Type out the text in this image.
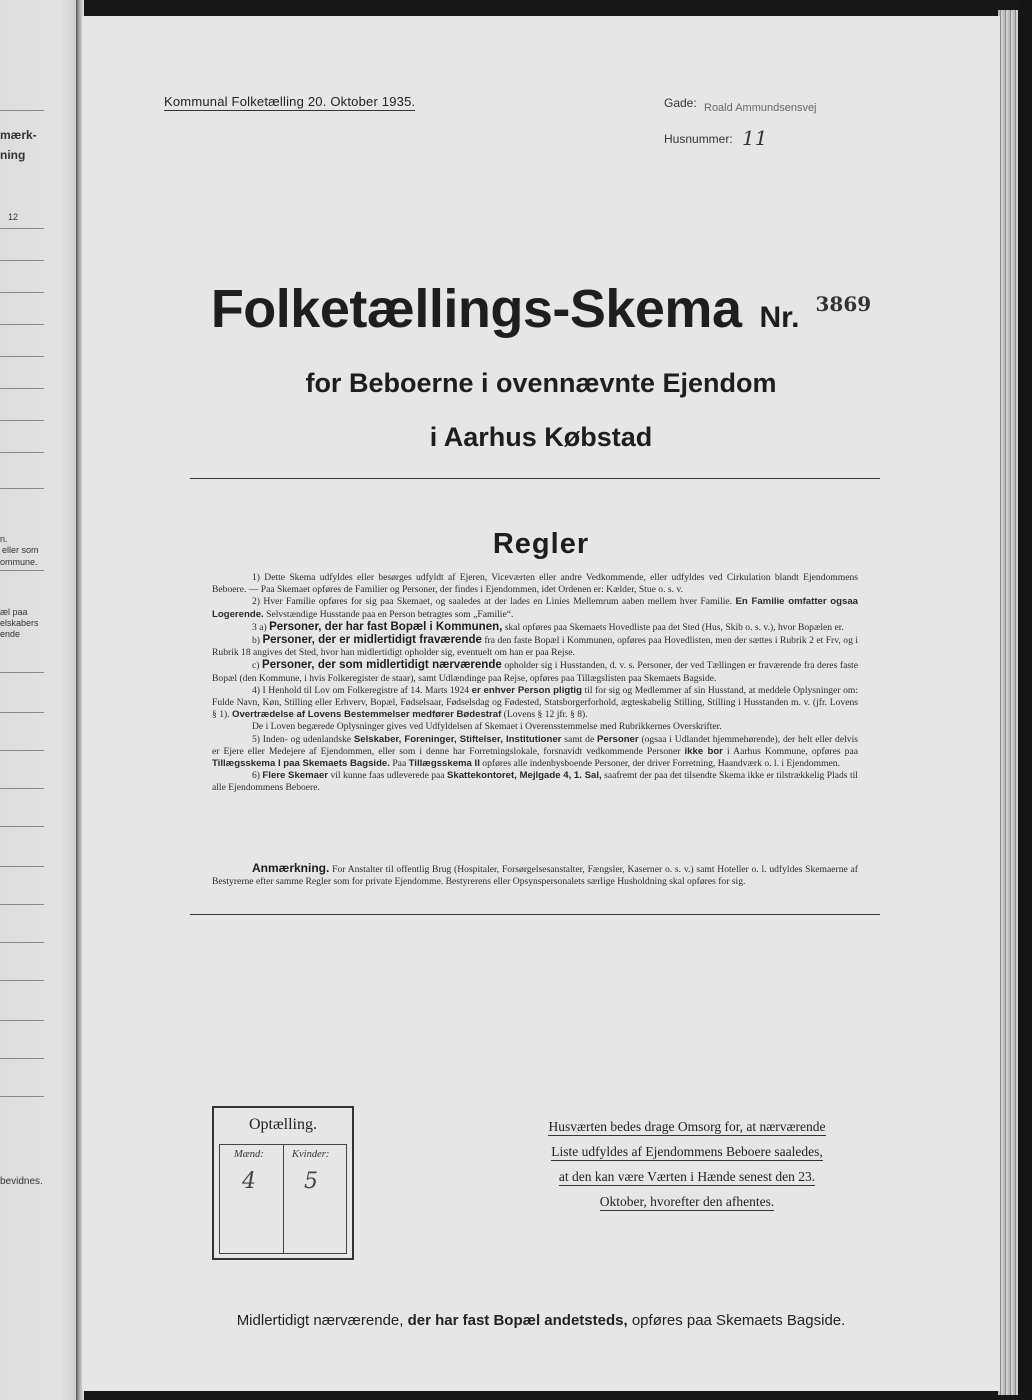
mærk-
ning
12
n.
eller som
ommune.
æl paa
elskabers
ende
bevidnes.
Kommunal Folketælling 20. Oktober 1935.	Gade: Roald Ammundsensvej
Husnummer: 11
Folketællings-Skema Nr. 3869
for Beboerne i ovennævnte Ejendom
i Aarhus Købstad
Regler

1) Dette Skema udfyldes eller besørges udfyldt af Ejeren, Viceværten eller andre Vedkommende, eller udfyldes ved Cirkulation blandt Ejendommens Beboere. — Paa Skemaet opføres de Familier og Personer, der findes i Ejendommen, idet Ordenen er: Kælder, Stue o. s. v.

2) Hver Familie opføres for sig paa Skemaet, og saaledes at der lades en Linies Mellemrum aaben mellem hver Familie. En Familie omfatter ogsaa Logerende. Selvstændige Husstande paa en Person betragtes som „Familie“.

3 a) Personer, der har fast Bopæl i Kommunen, skal opføres paa Skemaets Hovedliste paa det Sted (Hus, Skib o. s. v.), hvor Bopælen er.

b) Personer, der er midlertidigt fraværende fra den faste Bopæl i Kommunen, opføres paa Hovedlisten, men der sættes i Rubrik 2 et Frv, og i Rubrik 18 angives det Sted, hvor han midlertidigt opholder sig, eventuelt om han er paa Rejse.

c) Personer, der som midlertidigt nærværende opholder sig i Husstanden, d. v. s. Personer, der ved Tællingen er fraværende fra deres faste Bopæl (den Kommune, i hvis Folkeregister de staar), samt Udlændinge paa Rejse, opføres paa Tillægslisten paa Skemaets Bagside.

4) I Henhold til Lov om Folkeregistre af 14. Marts 1924 er enhver Person pligtig til for sig og Medlemmer af sin Husstand, at meddele Oplysninger om: Fulde Navn, Køn, Stilling eller Erhverv, Bopæl, Fødselsaar, Fødselsdag og Fødested, Statsborgerforhold, ægteskabelig Stilling, Stilling i Husstanden m. v. (jfr. Lovens § 1). Overtrædelse af Lovens Bestemmelser medfører Bødestraf (Lovens § 12 jfr. § 8).

De i Loven begærede Oplysninger gives ved Udfyldelsen af Skemaet i Overensstemmelse med Rubrikkernes Overskrifter.

5) Inden- og udenlandske Selskaber, Foreninger, Stiftelser, Institutioner samt de Personer (ogsaa i Udlandet hjemmehørende), der helt eller delvis er Ejere eller Medejere af Ejendommen, eller som i denne har Forretningslokale, forsnavidt vedkommende Personer ikke bor i Aarhus Kommune, opføres paa Tillægsskema I paa Skemaets Bagside. Paa Tillægsskema II opføres alle indenbysboende Personer, der driver Forretning, Haandværk o. l. i Ejendommen.

6) Flere Skemaer vil kunne faas udleverede paa Skattekontoret, Mejlgade 4, 1. Sal, saafremt der paa det tilsendte Skema ikke er tilstrækkelig Plads til alle Ejendommens Beboere.

Anmærkning. For Anstalter til offentlig Brug (Hospitaler, Forsørgelsesanstalter, Fængsler, Kaserner o. s. v.) samt Hoteller o. l. udfyldes Skemaerne af Bestyrerne efter samme Regler som for private Ejendomme. Bestyrerens eller Opsynspersonalets særlige Husholdning skal opføres for sig.
Optælling.
Mænd:	Kvinder:
4 5
Husværten bedes drage Omsorg for, at nærværende
Liste udfyldes af Ejendommens Beboere saaledes,
at den kan være Værten i Hænde senest den 23.
Oktober, hvorefter den afhentes.
Midlertidigt nærværende, der har fast Bopæl andetsteds, opføres paa Skemaets Bagside.
